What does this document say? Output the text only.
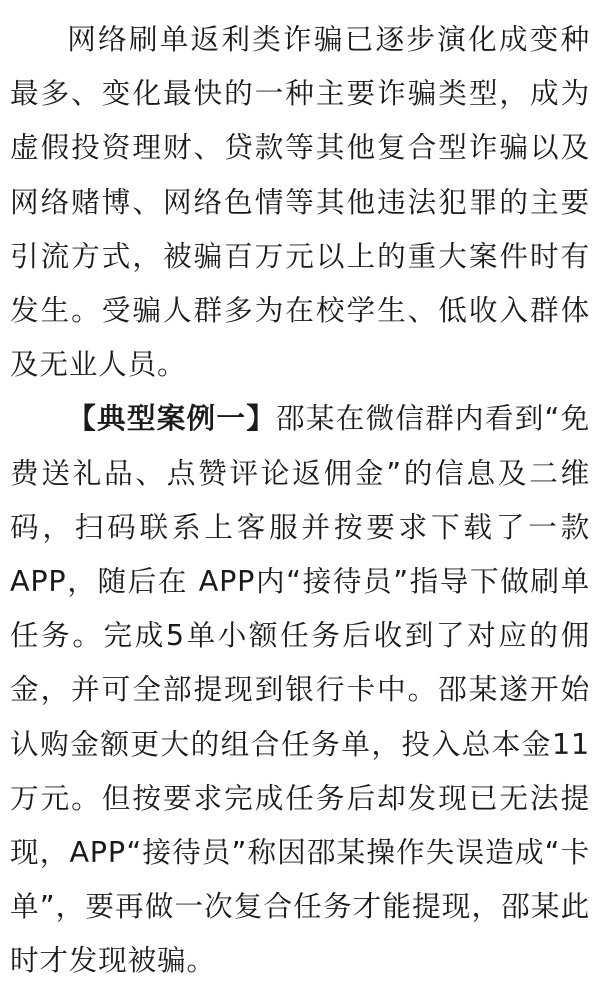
网络刷单返利类诈骗已逐步演化成变种最多、变化最快的一种主要诈骗类型，成为虚假投资理财、贷款等其他复合型诈骗以及网络赌博、网络色情等其他违法犯罪的主要引流方式，被骗百万元以上的重大案件时有发生。受骗人群多为在校学生、低收入群体及无业人员。

【典型案例一】邵某在微信群内看到“免费送礼品、点赞评论返佣金”的信息及二维码，扫码联系上客服并按要求下载了一款APP，随后在 APP内“接待员”指导下做刷单任务。完成5单小额任务后收到了对应的佣金，并可全部提现到银行卡中。邵某遂开始认购金额更大的组合任务单，投入总本金11万元。但按要求完成任务后却发现已无法提现，APP“接待员”称因邵某操作失误造成“卡单”，要再做一次复合任务才能提现，邵某此时才发现被骗。
